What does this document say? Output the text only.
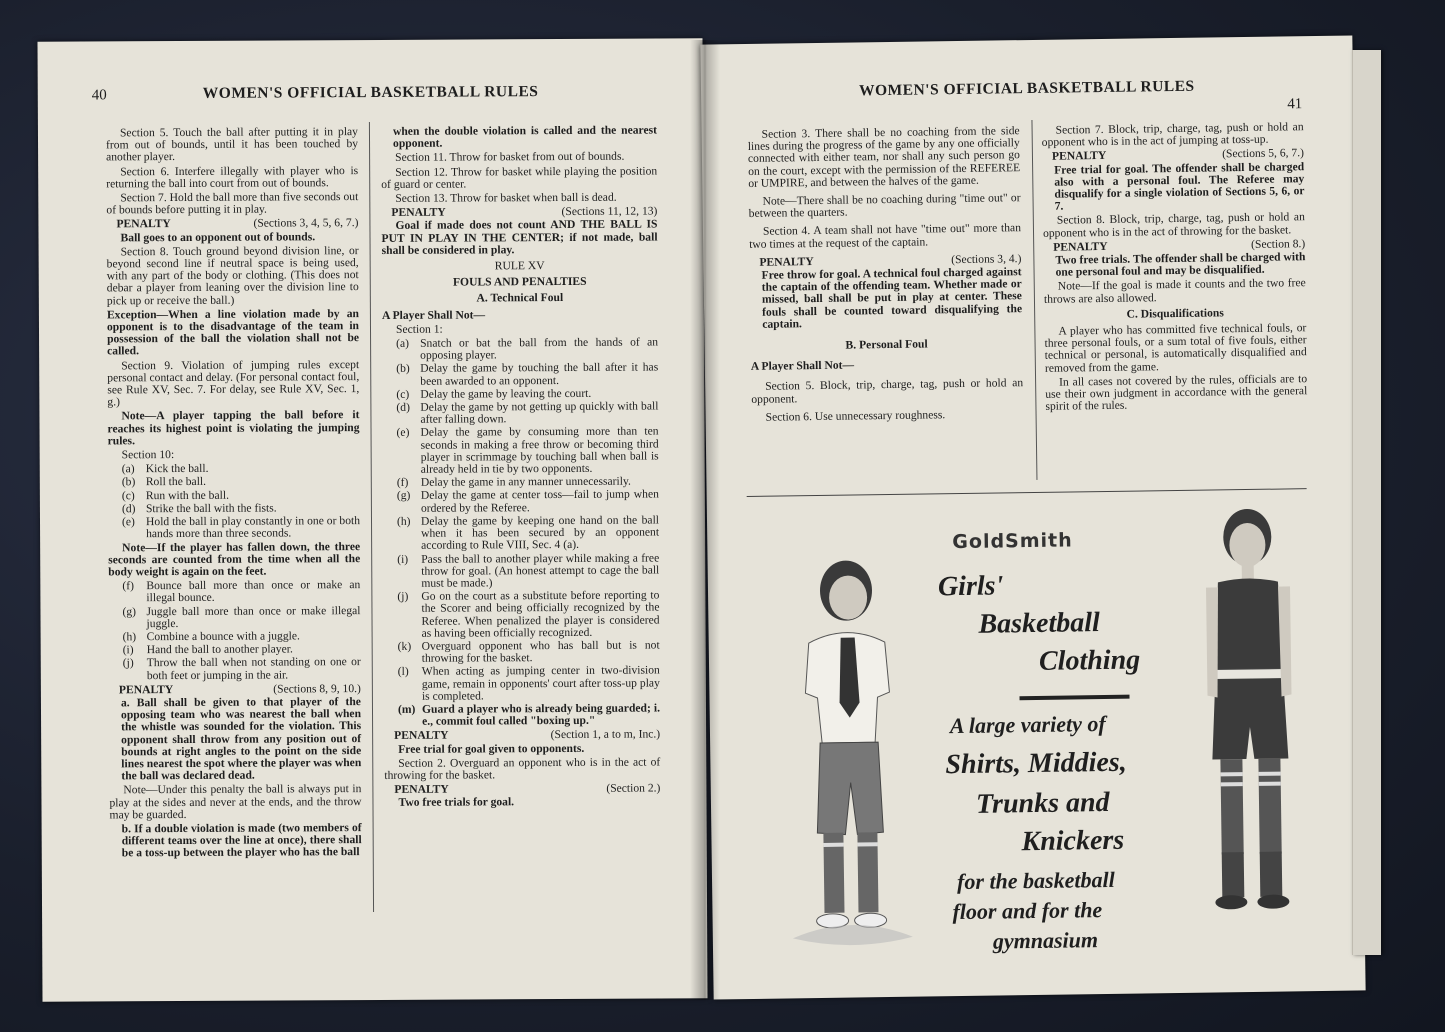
40	WOMEN'S OFFICIAL BASKETBALL RULES

Section 5. Touch the ball after putting it in play from out of bounds, until it has been touched by another player.

Section 6. Interfere illegally with player who is returning the ball into court from out of bounds.

Section 7. Hold the ball more than five seconds out of bounds before putting it in play.

PENALTY	(Sections 3, 4, 5, 6, 7.)

Ball goes to an opponent out of bounds.

Section 8. Touch ground beyond division line, or beyond second line if neutral space is being used, with any part of the body or clothing. (This does not debar a player from leaning over the division line to pick up or receive the ball.)

Exception—When a line violation made by an opponent is to the disadvantage of the team in possession of the ball the violation shall not be called.

Section 9. Violation of jumping rules except personal contact and delay. (For personal contact foul, see Rule XV, Sec. 7. For delay, see Rule XV, Sec. 1, g.)

Note—A player tapping the ball before it reaches its highest point is violating the jumping rules.

Section 10:

(a) Kick the ball.
(b) Roll the ball.
(c) Run with the ball.
(d) Strike the ball with the fists.
(e) Hold the ball in play constantly in one or both hands more than three seconds.

Note—If the player has fallen down, the three seconds are counted from the time when all the body weight is again on the feet.

(f)	Bounce ball more than once or make an illegal bounce.
(g) Juggle ball more than once or make illegal juggle.
(h) Combine a bounce with a juggle.
(i)	Hand the ball to another player.
(j)	Throw the ball when not standing on one or both feet or jumping in the air.
PENALTY	(Sections 8, 9, 10.)

a. Ball shall be given to that player of the opposing team who was nearest the ball when the whistle was sounded for the violation. This opponent shall throw from any position out of bounds at right angles to the point on the side lines nearest the spot where the player was when the ball was declared dead.

Note—Under this penalty the ball is always put in play at the sides and never at the ends, and the throw may be guarded.

b. If a double violation is made (two members of different teams over the line at once), there shall be a toss-up between the player who has the ball

when the double violation is called and the nearest opponent.

Section 11. Throw for basket from out of bounds.

Section 12. Throw for basket while playing the position of guard or center.

Section 13. Throw for basket when ball is dead.

PENALTY	(Sections 11, 12, 13)

Goal if made does not count AND THE BALL IS PUT IN PLAY IN THE CENTER; if not made, ball shall be considered in play.

RULE XV

FOULS AND PENALTIES

A. Technical Foul

A Player Shall Not—

Section 1:

(a) Snatch or bat the ball from the hands of an opposing player.
(b) Delay the game by touching the ball after it has been awarded to an opponent.
(c) Delay the game by leaving the court.
(d) Delay the game by not getting up quickly with ball after falling down.
(e) Delay the game by consuming more than ten seconds in making a free throw or becoming third player in scrimmage by touching ball when ball is already held in tie by two opponents.
(f)	Delay the game in any manner unnecessarily.
(g) Delay the game at center toss—fail to jump when ordered by the Referee.
(h) Delay the game by keeping one hand on the ball when it has been secured by an opponent according to Rule VIII, Sec. 4 (a).
(i)	Pass the ball to another player while making a free throw for goal. (An honest attempt to cage the ball must be made.)
(j)	Go on the court as a substitute before reporting to the Scorer and being officially recognized by the Referee. When penalized the player is considered as having been officially recognized.
(k) Overguard opponent who has ball but is not throwing for the basket.
(l)	When acting as jumping center in two-division game, remain in opponents' court after toss-up play is completed.
(m) Guard a player who is already being guarded; i. e., commit foul called "boxing up."
PENALTY	(Section 1, a to m, Inc.)

Free trial for goal given to opponents.

Section 2. Overguard an opponent who is in the act of throwing for the basket.

PENALTY	(Section 2.)

Two free trials for goal.

WOMEN'S OFFICIAL BASKETBALL RULES
41

Section 3. There shall be no coaching from the side lines during the progress of the game by any one officially connected with either team, nor shall any such person go on the court, except with the permission of the REFEREE or UMPIRE, and between the halves of the game.

Note—There shall be no coaching during "time out" or between the quarters.

Section 4. A team shall not have "time out" more than two times at the request of the captain.

PENALTY	(Sections 3, 4.)

Free throw for goal. A technical foul charged against the captain of the offending team. Whether made or missed, ball shall be put in play at center. These fouls shall be counted toward disqualifying the captain.

B. Personal Foul

A Player Shall Not—

Section 5. Block, trip, charge, tag, push or hold an opponent.

Section 6. Use unnecessary roughness.

Section 7. Block, trip, charge, tag, push or hold an opponent who is in the act of jumping at toss-up.

PENALTY	(Sections 5, 6, 7.)

Free trial for goal. The offender shall be charged also with a personal foul. The Referee may disqualify for a single violation of Sections 5, 6, or 7.

Section 8. Block, trip, charge, tag, push or hold an opponent who is in the act of throwing for the basket.

PENALTY	(Section 8.)

Two free trials. The offender shall be charged with one personal foul and may be disqualified.

Note—If the goal is made it counts and the two free throws are also allowed.

C. Disqualifications

A player who has committed five technical fouls, or three personal fouls, or a sum total of five fouls, either technical or personal, is automatically disqualified and removed from the game.

In all cases not covered by the rules, officials are to use their own judgment in accordance with the general spirit of the rules.

GoldSmith
Girls'
Basketball
Clothing
A large variety of
Shirts, Middies,
Trunks and
Knickers
for the basketball
floor and for the
gymnasium
